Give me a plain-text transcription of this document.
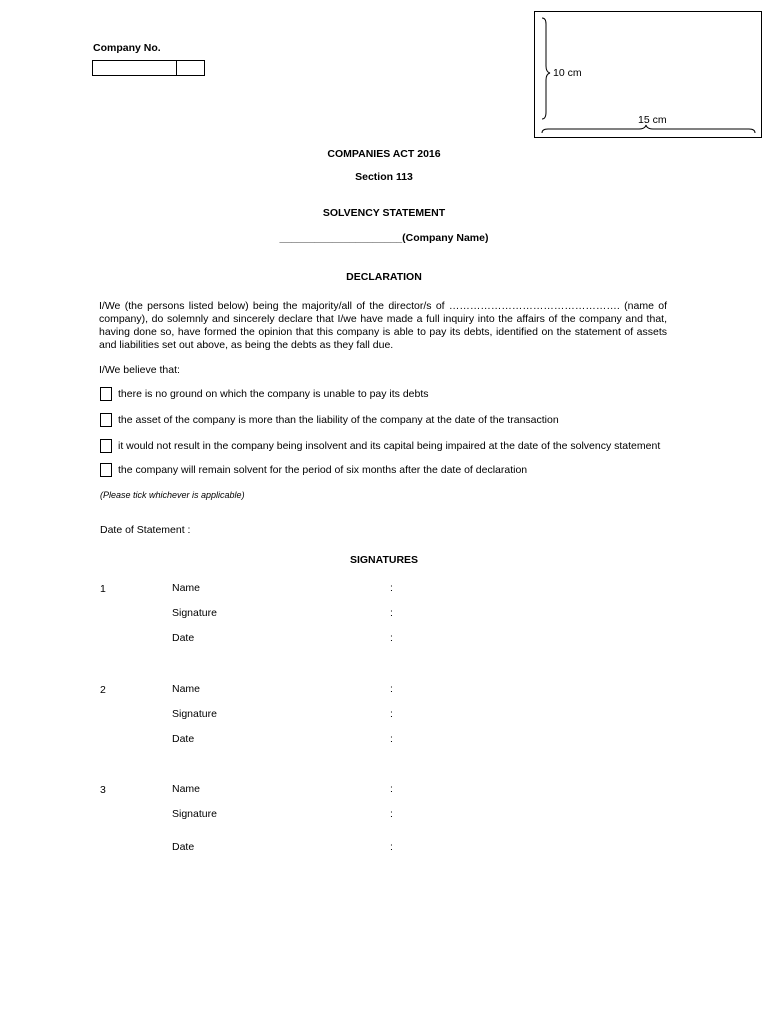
Company No.
10 cm
15 cm
COMPANIES ACT 2016
Section 113
SOLVENCY STATEMENT
_____________________(Company Name)
DECLARATION
I/We (the persons listed below) being the majority/all of the director/s of …………………………………………. (name of company), do solemnly and sincerely declare that I/we have made a full inquiry into the affairs of the company and that, having done so, have formed the opinion that this company is able to pay its debts, identified on the statement of assets and liabilities set out above, as being the debts as they fall due.
I/We believe that:
there is no ground on which the company is unable to pay its debts
the asset of the company is more than the liability of the company at the date of the transaction
it would not result in the company being insolvent and its capital being impaired at the date of the solvency statement
the company will remain solvent for the period of six months after the date of declaration
(Please tick whichever is applicable)
Date of Statement :
SIGNATURES
1	Name	:
Signature	:
Date	:
2	Name	:
Signature	:
Date	:
3	Name	:
Signature	:
Date	:
